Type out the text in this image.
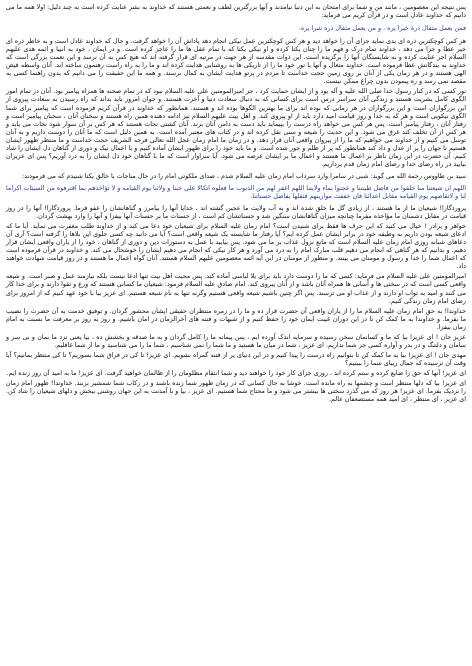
پس نتیجه این معصومین ، مانند من و شما برای امتحان به این دنیا نیامدند و آنها بزرگترین لطف و نعمتی هستند که خداوند به بشر عنایت کرده است به چند دلیل: اولا همه ما می دانیم که خداوند عادل است و در قرآن کریم می فرماید:

فمن یعمل مثقال ذرة خیرا یره ، و من یعمل مثقال ذره شرا یره.

هر کس کوچکترین ذره ای بدی نماید جزای آن را خواهد دید و هر کس کوچکترین عمل نیکی انجام دهد پاداش آن را خواهد گرفت. و حال که خداوند عادل است و به خاطر ذره ای خیر عطا و جزا می دهد ، خداوند تمام درک و فهم ما را چنان یکتا کرده و او نیکی یکتا که با تمام عقل ها ما را عاجز کرده است. و در ایمان ، خود به انبیا و ائمه هدی علیهم السلام اجر عنایت کرده و به شایستگان آنها را برگزیده است. این ذوات مقدسه از هر جهت در مرتبه ای قرار گرفته اند که هیچ کس به آن نرسد و این نعمت بزرگی است که خداوند به بندگانش عطا فرموده است. خداوند متعال و آنها با نور خود ما را از تاریکی ها به روشنایی هدایت کرده اند و ما را به راه راست رهنمون ساخته اند. آنان واسطه فیض الهی هستند و در هر زمان یکی از آنان بر روی زمین حجت خداست تا مردم در پرتو هدایت ایشان به کمال برسند. و همه ما این حقیقت را می دانیم که بدون راهنما کسی به مقصد نمی رسد و ره پیمودن بدون چراغ ممکن نیست.

نور کسی که در کنار رسول خدا صلی الله علیه و آله بود و از ایشان حمایت کرد ، جز امیرالمومنین علی علیه السلام نبود که در تمام صحنه ها همراه پیامبر بود. آنان در تمام امور الگوی کامل بشریت هستند و زندگی آنان سراسر درس است برای کسانی که به دنبال سعادت دنیا و آخرت هستند. و جوان امروز باید بداند که راه رسیدن به سعادت پیروی از این بزرگواران است و این بزرگواران در هر زمانی که بوده اند برای ما بهترین الگوها بوده اند و هستند. همانطور که خداوند در قرآن کریم فرموده است که پیامبر برای شما الگوی نیکویی است و هر که به خدا و روز قیامت امید دارد باید از او پیروی کند. و اهل بیت علیهم السلام نیز ادامه دهنده همین راه هستند و سخنان آنان ، سخنان پیامبر است و رفتار آنان ، رفتار پیامبر است. پس هر کس می خواهد راه درست را بپیماید باید دست به دامن آنان بزند. آنان کشتی نجات هستند که هر کس بر آن سوار شود نجات می یابد و هر کس از آن تخلف کند غرق می شود. و این حدیث را شیعه و سنی نقل کرده اند و در کتاب های معتبر آمده است. به همین دلیل است که ما آنان را دوست داریم و به آنان توسل می کنیم و از خداوند می خواهیم که ما را از پیروان واقعی آنان قرار دهد. و در زمان ما امام زمان عجل الله تعالی فرجه الشریف حجت خداست و ما منتظر ظهور ایشان هستیم تا جهان را پر از عدل و داد کند همانطور که پر از ظلم و جور شده است. و ما باید خود را برای ظهور ایشان آماده کنیم و با اعمال نیک و دوری از گناهان دل ایشان را شاد کنیم. آن حضرت در این زمان ناظر بر اعمال ما هستند و اعمال ما بر ایشان عرضه می شود. آیا سزاوار است که ما با گناهان خود دل ایشان را به درد آوریم؟ پس ای عزیزان بیایید در راه رضای خدا و رضای امام زمان قدم برداریم.

سید بن طاووس رحمة الله می گوید: شبی در سامرا وارد سرداب امام زمان علیه السلام شدم ، صدای ملکوتی امام را در حال مناجات با خالق یکتا شنیدم که می فرمودند:

اللهم ان شیعتنا منا خلقوا من فاضل طینتنا و عجنوا بماء ولایتنا اللهم اغفر لهم من الذنوب ما فعلوه اتکالا علی حبنا و ولائنا یوم القیامه و لا تؤاخذهم بما اقترفوه من السیئات اکراما لنا و لاتقاصهم یوم القیامه مقابل اعدائنا فان خففت موازینهم فثقلها بفاضل حسناتنا.

پروردگارا! شیعیان ما از ما هستند ، از زیادی گل ما خلق شده اند و به آب ولایت ما عجین گشته اند ، خدایا آنها را بیامرز و گناهانشان را عفو فرما. پروردگارا! آنها را در روز قیامت در مقابل دشمنان ما مؤاخذه مفرما چنانچه میزان گناهانشان سنگین شد و حسناتشان کم است ، از حسنات ما بر حسنات آنها بیفزا و آنها را وارد بهشت گردان.

خواهر و برادر ! خیال می کنید که این حرف ها فقط برای شنیدن است؟ امام زمان علیه السلام برای شیعیان خود دعا می کند و از خداوند طلب مغفرت می نماید. آیا ما که ادعای شیعه بودن داریم به وظیفه خود در برابر ایشان عمل کرده ایم؟ آیا رفتار ما شایسته یک شیعه واقعی است؟ آیا می دانید چه کسی جلوی این بلاها را گرفته است؟ آری آن دعاهای شبانه روزی امام زمان علیه السلام است که مانع نزول عذاب بر ما می شود. پس بیایید با عمل به دستورات دین و دوری از گناهان ، خود را از یاران واقعی ایشان قرار دهیم. و بدانیم که هر گناهی که انجام می دهیم قلب مبارک امام را به درد می آورد و هر کار نیکی که انجام می دهیم ایشان را خوشحال می کند. و خداوند در قرآن فرموده است که اعمال شما را خدا و رسول و مومنان می بینند. و منظور از مومنان در این آیه ائمه معصومین علیهم السلام هستند. آنان گواه اعمال ما هستند و در روز قیامت شهادت خواهند داد.

امیرالمومنین علی علیه السلام می فرماید: کسی که ما را دوست دارد باید برای بلا لباسی آماده کند. پس محبت اهل بیت تنها ادعا نیست بلکه نیازمند عمل و صبر است. و شیعه واقعی کسی است که در سختی ها و آسانی ها همراه آنان باشد و از آنان پیروی کند. امام صادق علیه السلام فرمود: شیعیان ما کسانی هستند که ورع و تقوا دارند و برای خدا کار می کنند و امید به ثواب او دارند و از عذاب او می ترسند. پس اگر چنین باشیم شیعه واقعی هستیم وگرنه تنها به نام شیعه هستیم. ای عزیز بیا با خود عهد کنیم که از امروز برای رضای امام زمان زندگی کنیم.

خداوندا! به حق امام زمان علیه السلام ما را از یاران واقعی آن حضرت قرار ده و ما را در زمره منتظران حقیقی ایشان محشور گردان. و توفیق خدمت به آن حضرت را نصیب ما بفرما. و خداوندا به ما کمک کن تا در این دوران غیبت ایمان خود را حفظ کنیم و از شبهات و فتنه های آخرالزمان در امان باشیم. و روز به روز بر معرفت ما نسبت به امام زمان بیفزا.

عزیز جان ! ای عزیزا بیا که ما و کسانمان سخن رسیده و سرمایه اندک آورده ایم ، پس پیمانه ما را کامل گردان و به ما صدقه و بخشش ده ، بیا یعنی نزد ما بمان و بی سر و سامان و دلتنگ و در بدر و آواره کسی جز شما نداریم. ای عزیز ، شما در میان ما هستید و ما شما را نمی شناسیم ، شما ما را می شناسید و ما از شما غافلیم.

مهدی جان ! ای عزیز! بیا به ما کمک کن تا بتوانیم راه درست را پیدا کنیم و در این دنیای پر از فتنه گمراه نشویم. ای عزیز! تا کی در فراق شما بسوزیم؟ تا کی منتظر بمانیم؟ آیا وقت آن نرسیده که جمال زیبای شما را ببینیم؟

ای عزیز! آنها که حق را ضایع کرده و ستم کرده اند ، روزی جزای کار خود را خواهند دید و شما انتقام مظلومان را از ظالمان خواهید گرفت. ای عزیز! ما به امید آن روز زنده ایم.

ای عزیز! بیا که دلها منتظر است و چشمها به راه مانده است. خوشا به حال کسانی که در زمان ظهور شما زنده باشند و در رکاب شما شمشیر بزنند. خداوندا! ظهور امام زمان را نزدیک بفرما. ای عزیز! هر روز که می گذرد سختی ها بیشتر می شود و ما محتاج شما هستیم. ای عزیز ، بیا و با آمدنت به این جهان روشنی ببخش و دلهای شیعیان را شاد کن. ای عزیز ، ای منتظر ، ای امید همه مستضعفان عالم.
